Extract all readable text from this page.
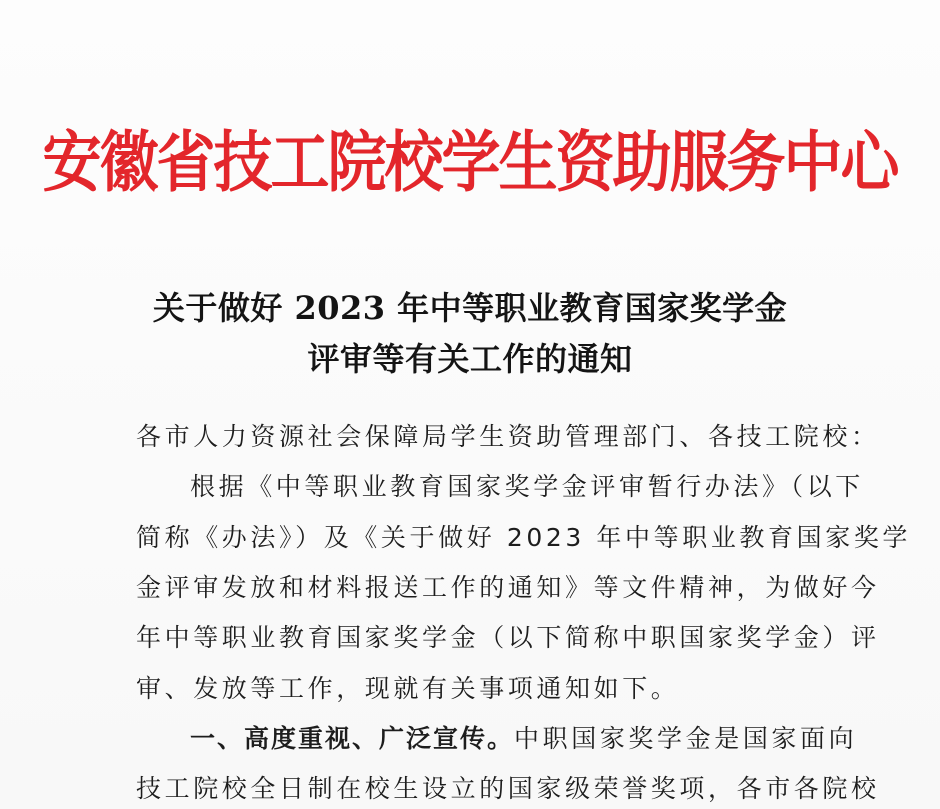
安徽省技工院校学生资助服务中心
关于做好 2023 年中等职业教育国家奖学金
评审等有关工作的通知
各市人力资源社会保障局学生资助管理部门、各技工院校：
根据《中等职业教育国家奖学金评审暂行办法》（以下
简称《办法》）及《关于做好 2023 年中等职业教育国家奖学
金评审发放和材料报送工作的通知》等文件精神，为做好今
年中等职业教育国家奖学金（以下简称中职国家奖学金）评
审、发放等工作，现就有关事项通知如下。
一、高度重视、广泛宣传。中职国家奖学金是国家面向
技工院校全日制在校生设立的国家级荣誉奖项，各市各院校
